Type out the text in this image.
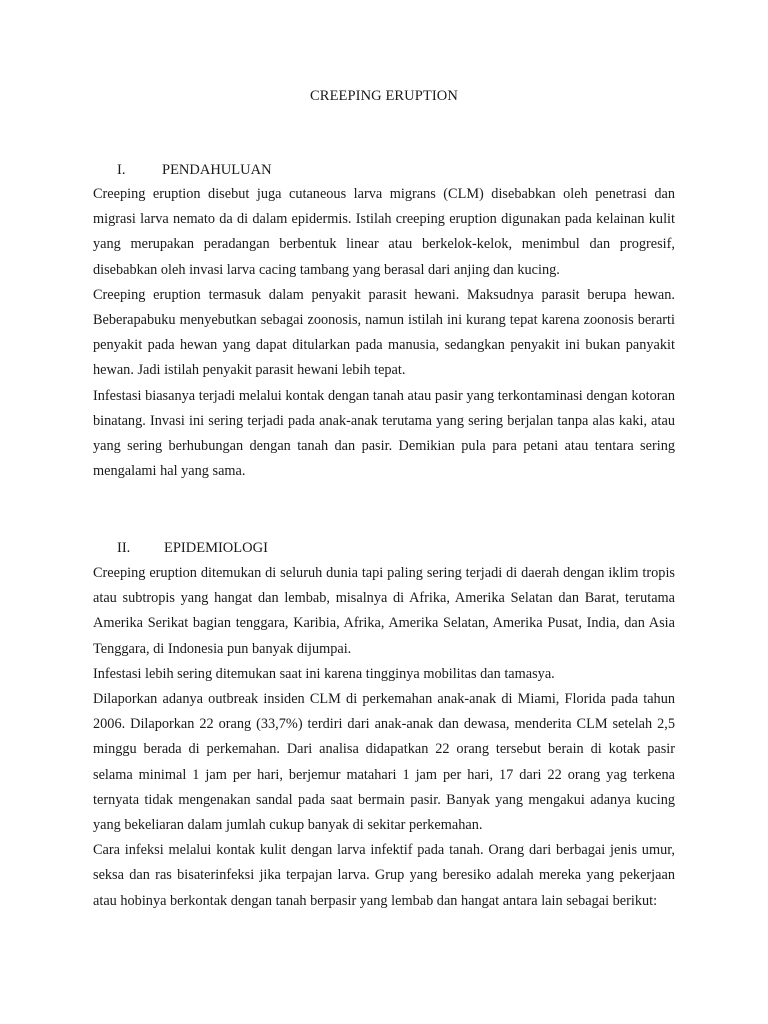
CREEPING ERUPTION
I.	PENDAHULUAN

Creeping eruption disebut juga cutaneous larva migrans (CLM) disebabkan oleh penetrasi dan migrasi larva nemato da di dalam epidermis. Istilah creeping eruption digunakan pada kelainan kulit yang merupakan peradangan berbentuk linear atau berkelok-kelok, menimbul dan progresif, disebabkan oleh invasi larva cacing tambang yang berasal dari anjing dan kucing.

Creeping eruption termasuk dalam penyakit parasit hewani. Maksudnya parasit berupa hewan. Beberapabuku menyebutkan sebagai zoonosis, namun istilah ini kurang tepat karena zoonosis berarti penyakit pada hewan yang dapat ditularkan pada manusia, sedangkan penyakit ini bukan panyakit hewan. Jadi istilah penyakit parasit hewani lebih tepat.

Infestasi biasanya terjadi melalui kontak dengan tanah atau pasir yang terkontaminasi dengan kotoran binatang. Invasi ini sering terjadi pada anak-anak terutama yang sering berjalan tanpa alas kaki, atau yang sering berhubungan dengan tanah dan pasir. Demikian pula para petani atau tentara sering mengalami hal yang sama.

II. EPIDEMIOLOGI

Creeping eruption ditemukan di seluruh dunia tapi paling sering terjadi di daerah dengan iklim tropis atau subtropis yang hangat dan lembab, misalnya di Afrika, Amerika Selatan dan Barat, terutama Amerika Serikat bagian tenggara, Karibia, Afrika, Amerika Selatan, Amerika Pusat, India, dan Asia Tenggara, di Indonesia pun banyak dijumpai.

Infestasi lebih sering ditemukan saat ini karena tingginya mobilitas dan tamasya.

Dilaporkan adanya outbreak insiden CLM di perkemahan anak-anak di Miami, Florida pada tahun 2006. Dilaporkan 22 orang (33,7%) terdiri dari anak-anak dan dewasa, menderita CLM setelah 2,5 minggu berada di perkemahan. Dari analisa didapatkan 22 orang tersebut berain di kotak pasir selama minimal 1 jam per hari, berjemur matahari 1 jam per hari, 17 dari 22 orang yag terkena ternyata tidak mengenakan sandal pada saat bermain pasir. Banyak yang mengakui adanya kucing yang bekeliaran dalam jumlah cukup banyak di sekitar perkemahan.

Cara infeksi melalui kontak kulit dengan larva infektif pada tanah. Orang dari berbagai jenis umur, seksa dan ras bisaterinfeksi jika terpajan larva. Grup yang beresiko adalah mereka yang pekerjaan atau hobinya berkontak dengan tanah berpasir yang lembab dan hangat antara lain sebagai berikut:
